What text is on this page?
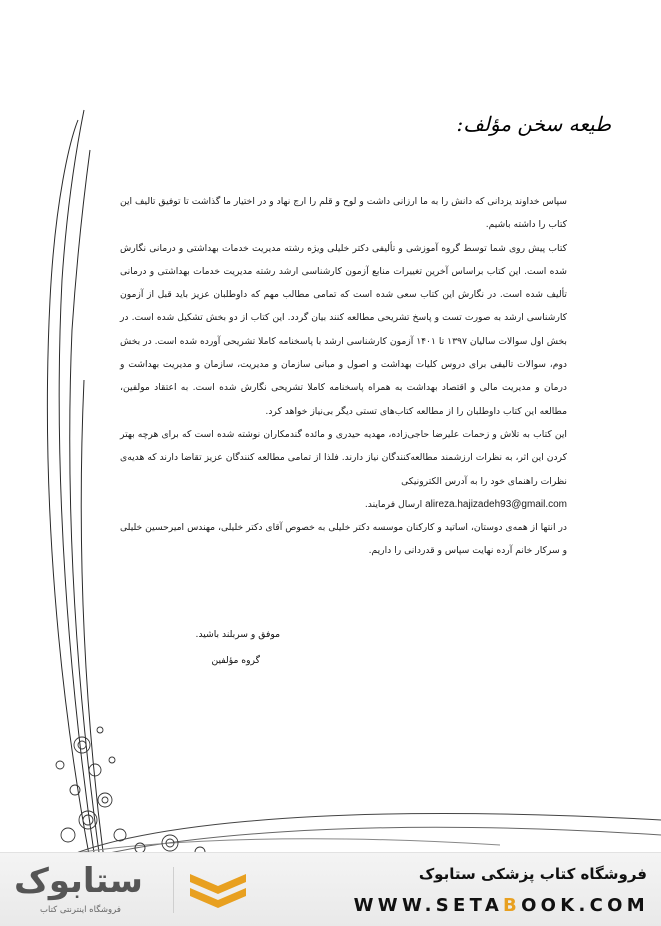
طیعه سخن مؤلف:

سپاس خداوند یزدانی که دانش را به ما ارزانی داشت و لوح و قلم را ارج نهاد و در اختیار ما گذاشت تا توفیق تالیف این کتاب را داشته باشیم.

کتاب پیش روی شما توسط گروه آموزشی و تألیفی دکتر خلیلی ویژه رشته مدیریت خدمات بهداشتی و درمانی نگارش شده است. این کتاب براساس آخرین تغییرات منابع آزمون کارشناسی ارشد رشته مدیریت خدمات بهداشتی و درمانی تألیف شده است. در نگارش این کتاب سعی شده است که تمامی مطالب مهم که داوطلبان عزیز باید قبل از آزمون کارشناسی ارشد به صورت تست و پاسخ تشریحی مطالعه کنند بیان گردد. این کتاب از دو بخش تشکیل شده است. در بخش اول سوالات سالیان ۱۳۹۷ تا ۱۴۰۱ آزمون کارشناسی ارشد با پاسخنامه کاملا تشریحی آورده شده است. در بخش دوم، سوالات تالیفی برای دروس کلیات بهداشت و اصول و مبانی سازمان و مدیریت، سازمان و مدیریت بهداشت و درمان و مدیریت مالی و اقتصاد بهداشت به همراه پاسخنامه کاملا تشریحی نگارش شده است. به اعتقاد مولفین، مطالعه این کتاب داوطلبان را از مطالعه کتاب‌های تستی دیگر بی‌نیاز خواهد کرد.

این کتاب به تلاش و زحمات علیرضا حاجی‌زاده، مهدیه حیدری و مائده گندمکاران نوشته شده است که برای هرچه بهتر کردن این اثر، به نظرات ارزشمند مطالعه‌کنندگان نیاز دارند. فلذا از تمامی مطالعه کنندگان عزیز تقاضا دارند که هدیه‌ی نظرات راهنمای خود را به آدرس الکترونیکی

alireza.hajizadeh93@gmail.com ارسال فرمایند.

در انتها از همه‌ی دوستان، اساتید و کارکنان موسسه دکتر خلیلی به خصوص آقای دکتر خلیلی، مهندس امیرحسین خلیلی و سرکار خانم آرده نهایت سپاس و قدردانی را داریم.

موفق و سربلند باشید.
گروه مؤلفین
ستابوک
فروشگاه اینترنتی کتاب
فروشگاه کتاب پزشکی ستابوک
WWW.SETABOOK.COM
